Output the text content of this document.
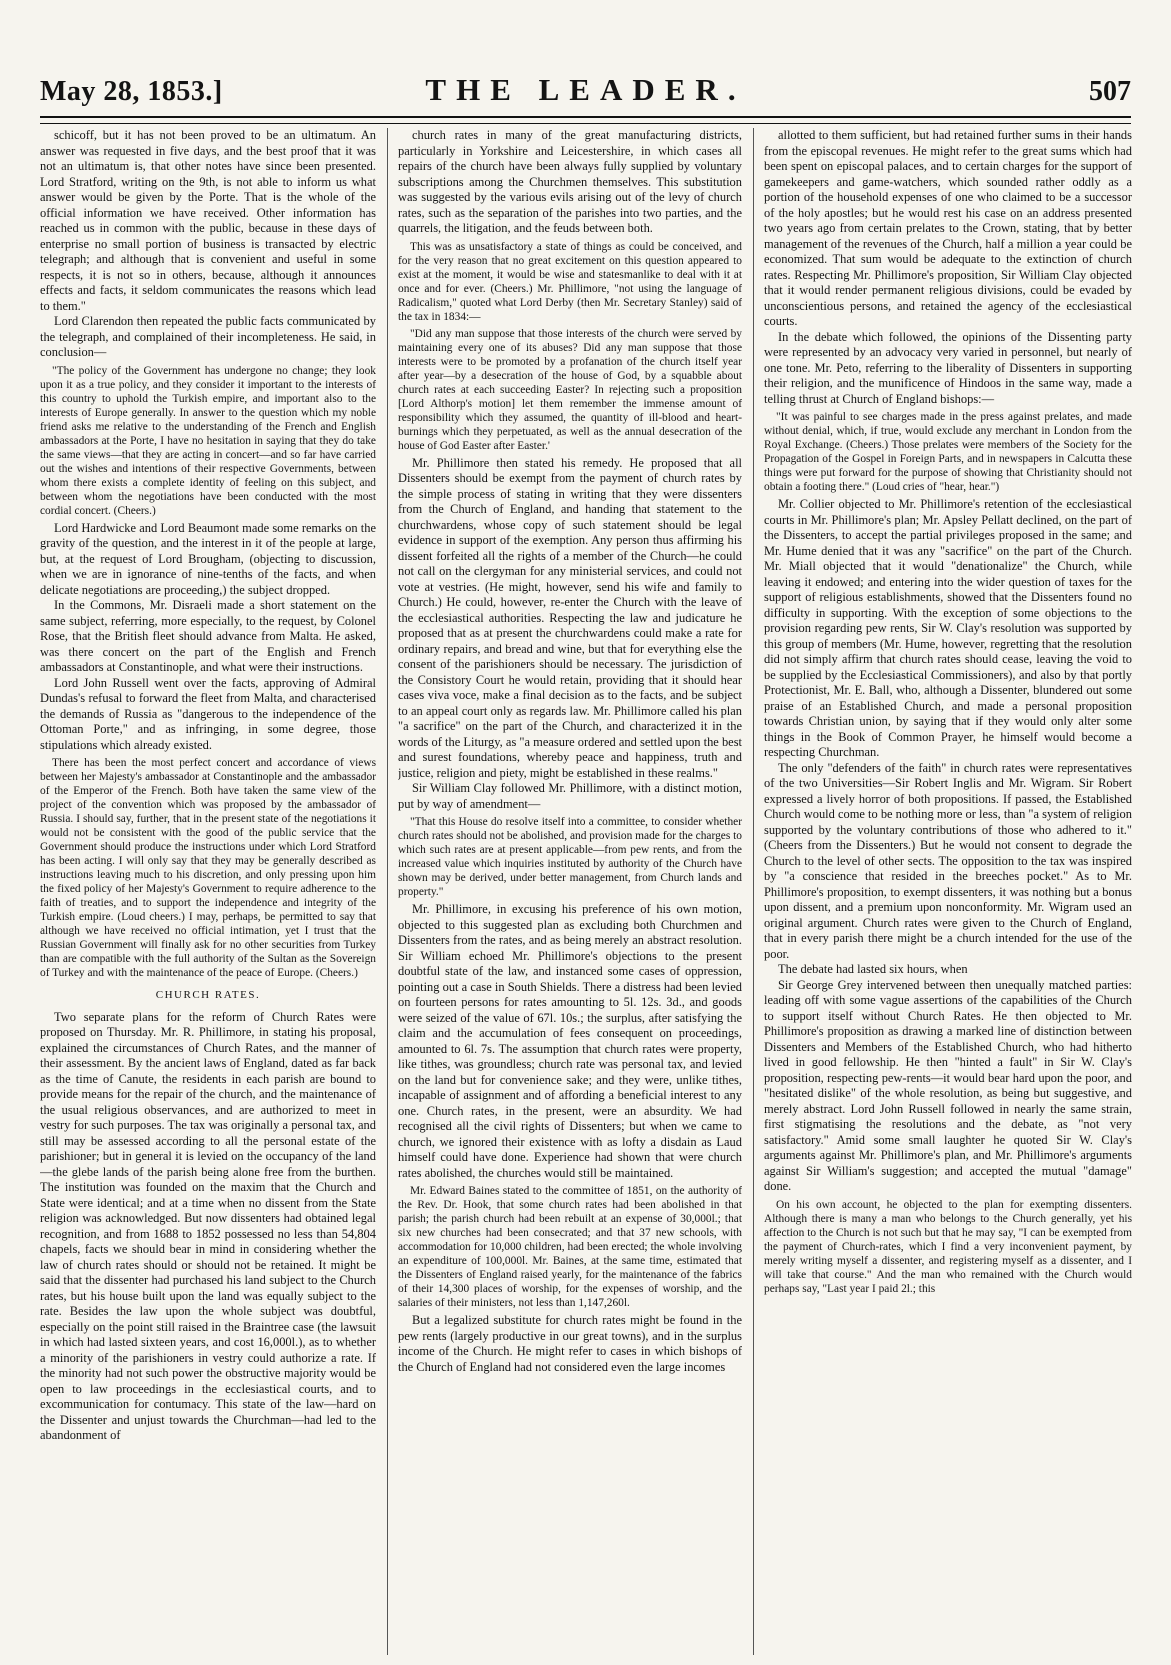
May 28, 1853.]	THE LEADER.	507

schicoff, but it has not been proved to be an ultimatum. An answer was requested in five days, and the best proof that it was not an ultimatum is, that other notes have since been presented. Lord Stratford, writing on the 9th, is not able to inform us what answer would be given by the Porte. That is the whole of the official information we have received. Other information has reached us in common with the public, because in these days of enterprise no small portion of business is transacted by electric telegraph; and although that is convenient and useful in some respects, it is not so in others, because, although it announces effects and facts, it seldom communicates the reasons which lead to them."

Lord Clarendon then repeated the public facts communicated by the telegraph, and complained of their incompleteness. He said, in conclusion—

"The policy of the Government has undergone no change; they look upon it as a true policy, and they consider it important to the interests of this country to uphold the Turkish empire, and important also to the interests of Europe generally. In answer to the question which my noble friend asks me relative to the understanding of the French and English ambassadors at the Porte, I have no hesitation in saying that they do take the same views—that they are acting in concert—and so far have carried out the wishes and intentions of their respective Governments, between whom there exists a complete identity of feeling on this subject, and between whom the negotiations have been conducted with the most cordial concert. (Cheers.)

Lord Hardwicke and Lord Beaumont made some remarks on the gravity of the question, and the interest in it of the people at large, but, at the request of Lord Brougham, (objecting to discussion, when we are in ignorance of nine-tenths of the facts, and when delicate negotiations are proceeding,) the subject dropped.

In the Commons, Mr. Disraeli made a short statement on the same subject, referring, more especially, to the request, by Colonel Rose, that the British fleet should advance from Malta. He asked, was there concert on the part of the English and French ambassadors at Constantinople, and what were their instructions.

Lord John Russell went over the facts, approving of Admiral Dundas's refusal to forward the fleet from Malta, and characterised the demands of Russia as "dangerous to the independence of the Ottoman Porte," and as infringing, in some degree, those stipulations which already existed.

There has been the most perfect concert and accordance of views between her Majesty's ambassador at Constantinople and the ambassador of the Emperor of the French. Both have taken the same view of the project of the convention which was proposed by the ambassador of Russia. I should say, further, that in the present state of the negotiations it would not be consistent with the good of the public service that the Government should produce the instructions under which Lord Stratford has been acting. I will only say that they may be generally described as instructions leaving much to his discretion, and only pressing upon him the fixed policy of her Majesty's Government to require adherence to the faith of treaties, and to support the independence and integrity of the Turkish empire. (Loud cheers.) I may, perhaps, be permitted to say that although we have received no official intimation, yet I trust that the Russian Government will finally ask for no other securities from Turkey than are compatible with the full authority of the Sultan as the Sovereign of Turkey and with the maintenance of the peace of Europe. (Cheers.)

CHURCH RATES.

Two separate plans for the reform of Church Rates were proposed on Thursday. Mr. R. Phillimore, in stating his proposal, explained the circumstances of Church Rates, and the manner of their assessment. By the ancient laws of England, dated as far back as the time of Canute, the residents in each parish are bound to provide means for the repair of the church, and the maintenance of the usual religious observances, and are authorized to meet in vestry for such purposes. The tax was originally a personal tax, and still may be assessed according to all the personal estate of the parishioner; but in general it is levied on the occupancy of the land—the glebe lands of the parish being alone free from the burthen. The institution was founded on the maxim that the Church and State were identical; and at a time when no dissent from the State religion was acknowledged. But now dissenters had obtained legal recognition, and from 1688 to 1852 possessed no less than 54,804 chapels, facts we should bear in mind in considering whether the law of church rates should or should not be retained. It might be said that the dissenter had purchased his land subject to the Church rates, but his house built upon the land was equally subject to the rate. Besides the law upon the whole subject was doubtful, especially on the point still raised in the Braintree case (the lawsuit in which had lasted sixteen years, and cost 16,000l.), as to whether a minority of the parishioners in vestry could authorize a rate. If the minority had not such power the obstructive majority would be open to law proceedings in the ecclesiastical courts, and to excommunication for contumacy. This state of the law—hard on the Dissenter and unjust towards the Churchman—had led to the abandonment of

church rates in many of the great manufacturing districts, particularly in Yorkshire and Leicestershire, in which cases all repairs of the church have been always fully supplied by voluntary subscriptions among the Churchmen themselves. This substitution was suggested by the various evils arising out of the levy of church rates, such as the separation of the parishes into two parties, and the quarrels, the litigation, and the feuds between both.

This was as unsatisfactory a state of things as could be conceived, and for the very reason that no great excitement on this question appeared to exist at the moment, it would be wise and statesmanlike to deal with it at once and for ever. (Cheers.) Mr. Phillimore, "not using the language of Radicalism," quoted what Lord Derby (then Mr. Secretary Stanley) said of the tax in 1834:—

"Did any man suppose that those interests of the church were served by maintaining every one of its abuses? Did any man suppose that those interests were to be promoted by a profanation of the church itself year after year—by a desecration of the house of God, by a squabble about church rates at each succeeding Easter? In rejecting such a proposition [Lord Althorp's motion] let them remember the immense amount of responsibility which they assumed, the quantity of ill-blood and heart-burnings which they perpetuated, as well as the annual desecration of the house of God Easter after Easter.'

Mr. Phillimore then stated his remedy. He proposed that all Dissenters should be exempt from the payment of church rates by the simple process of stating in writing that they were dissenters from the Church of England, and handing that statement to the churchwardens, whose copy of such statement should be legal evidence in support of the exemption. Any person thus affirming his dissent forfeited all the rights of a member of the Church—he could not call on the clergyman for any ministerial services, and could not vote at vestries. (He might, however, send his wife and family to Church.) He could, however, re-enter the Church with the leave of the ecclesiastical authorities. Respecting the law and judicature he proposed that as at present the churchwardens could make a rate for ordinary repairs, and bread and wine, but that for everything else the consent of the parishioners should be necessary. The jurisdiction of the Consistory Court he would retain, providing that it should hear cases viva voce, make a final decision as to the facts, and be subject to an appeal court only as regards law. Mr. Phillimore called his plan "a sacrifice" on the part of the Church, and characterized it in the words of the Liturgy, as "a measure ordered and settled upon the best and surest foundations, whereby peace and happiness, truth and justice, religion and piety, might be established in these realms."

Sir William Clay followed Mr. Phillimore, with a distinct motion, put by way of amendment—

"That this House do resolve itself into a committee, to consider whether church rates should not be abolished, and provision made for the charges to which such rates are at present applicable—from pew rents, and from the increased value which inquiries instituted by authority of the Church have shown may be derived, under better management, from Church lands and property."

Mr. Phillimore, in excusing his preference of his own motion, objected to this suggested plan as excluding both Churchmen and Dissenters from the rates, and as being merely an abstract resolution. Sir William echoed Mr. Phillimore's objections to the present doubtful state of the law, and instanced some cases of oppression, pointing out a case in South Shields. There a distress had been levied on fourteen persons for rates amounting to 5l. 12s. 3d., and goods were seized of the value of 67l. 10s.; the surplus, after satisfying the claim and the accumulation of fees consequent on proceedings, amounted to 6l. 7s. The assumption that church rates were property, like tithes, was groundless; church rate was personal tax, and levied on the land but for convenience sake; and they were, unlike tithes, incapable of assignment and of affording a beneficial interest to any one. Church rates, in the present, were an absurdity. We had recognised all the civil rights of Dissenters; but when we came to church, we ignored their existence with as lofty a disdain as Laud himself could have done. Experience had shown that were church rates abolished, the churches would still be maintained.

Mr. Edward Baines stated to the committee of 1851, on the authority of the Rev. Dr. Hook, that some church rates had been abolished in that parish; the parish church had been rebuilt at an expense of 30,000l.; that six new churches had been consecrated; and that 37 new schools, with accommodation for 10,000 children, had been erected; the whole involving an expenditure of 100,000l. Mr. Baines, at the same time, estimated that the Dissenters of England raised yearly, for the maintenance of the fabrics of their 14,300 places of worship, for the expenses of worship, and the salaries of their ministers, not less than 1,147,260l.

But a legalized substitute for church rates might be found in the pew rents (largely productive in our great towns), and in the surplus income of the Church. He might refer to cases in which bishops of the Church of England had not considered even the large incomes

allotted to them sufficient, but had retained further sums in their hands from the episcopal revenues. He might refer to the great sums which had been spent on episcopal palaces, and to certain charges for the support of gamekeepers and game-watchers, which sounded rather oddly as a portion of the household expenses of one who claimed to be a successor of the holy apostles; but he would rest his case on an address presented two years ago from certain prelates to the Crown, stating, that by better management of the revenues of the Church, half a million a year could be economized. That sum would be adequate to the extinction of church rates. Respecting Mr. Phillimore's proposition, Sir William Clay objected that it would render permanent religious divisions, could be evaded by unconscientious persons, and retained the agency of the ecclesiastical courts.

In the debate which followed, the opinions of the Dissenting party were represented by an advocacy very varied in personnel, but nearly of one tone. Mr. Peto, referring to the liberality of Dissenters in supporting their religion, and the munificence of Hindoos in the same way, made a telling thrust at Church of England bishops:—

"It was painful to see charges made in the press against prelates, and made without denial, which, if true, would exclude any merchant in London from the Royal Exchange. (Cheers.) Those prelates were members of the Society for the Propagation of the Gospel in Foreign Parts, and in newspapers in Calcutta these things were put forward for the purpose of showing that Christianity should not obtain a footing there." (Loud cries of "hear, hear.")

Mr. Collier objected to Mr. Phillimore's retention of the ecclesiastical courts in Mr. Phillimore's plan; Mr. Apsley Pellatt declined, on the part of the Dissenters, to accept the partial privileges proposed in the same; and Mr. Hume denied that it was any "sacrifice" on the part of the Church. Mr. Miall objected that it would "denationalize" the Church, while leaving it endowed; and entering into the wider question of taxes for the support of religious establishments, showed that the Dissenters found no difficulty in supporting. With the exception of some objections to the provision regarding pew rents, Sir W. Clay's resolution was supported by this group of members (Mr. Hume, however, regretting that the resolution did not simply affirm that church rates should cease, leaving the void to be supplied by the Ecclesiastical Commissioners), and also by that portly Protectionist, Mr. E. Ball, who, although a Dissenter, blundered out some praise of an Established Church, and made a personal proposition towards Christian union, by saying that if they would only alter some things in the Book of Common Prayer, he himself would become a respecting Churchman.

The only "defenders of the faith" in church rates were representatives of the two Universities—Sir Robert Inglis and Mr. Wigram. Sir Robert expressed a lively horror of both propositions. If passed, the Established Church would come to be nothing more or less, than "a system of religion supported by the voluntary contributions of those who adhered to it." (Cheers from the Dissenters.) But he would not consent to degrade the Church to the level of other sects. The opposition to the tax was inspired by "a conscience that resided in the breeches pocket." As to Mr. Phillimore's proposition, to exempt dissenters, it was nothing but a bonus upon dissent, and a premium upon nonconformity. Mr. Wigram used an original argument. Church rates were given to the Church of England, that in every parish there might be a church intended for the use of the poor.

The debate had lasted six hours, when

Sir George Grey intervened between then unequally matched parties: leading off with some vague assertions of the capabilities of the Church to support itself without Church Rates. He then objected to Mr. Phillimore's proposition as drawing a marked line of distinction between Dissenters and Members of the Established Church, who had hitherto lived in good fellowship. He then "hinted a fault" in Sir W. Clay's proposition, respecting pew-rents—it would bear hard upon the poor, and "hesitated dislike" of the whole resolution, as being but suggestive, and merely abstract. Lord John Russell followed in nearly the same strain, first stigmatising the resolutions and the debate, as "not very satisfactory." Amid some small laughter he quoted Sir W. Clay's arguments against Mr. Phillimore's plan, and Mr. Phillimore's arguments against Sir William's suggestion; and accepted the mutual "damage" done.

On his own account, he objected to the plan for exempting dissenters. Although there is many a man who belongs to the Church generally, yet his affection to the Church is not such but that he may say, "I can be exempted from the payment of Church-rates, which I find a very inconvenient payment, by merely writing myself a dissenter, and registering myself as a dissenter, and I will take that course." And the man who remained with the Church would perhaps say, "Last year I paid 2l.; this
